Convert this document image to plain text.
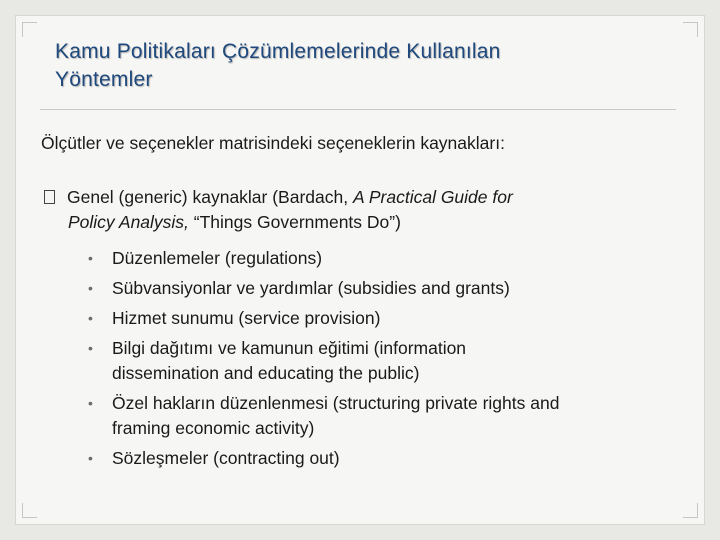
Kamu Politikaları Çözümlemelerinde Kullanılan
Yöntemler
Ölçütler ve seçenekler matrisindeki seçeneklerin kaynakları:
Genel (generic) kaynaklar (Bardach, A Practical Guide for
Policy Analysis, “Things Governments Do”)
• Düzenlemeler (regulations)
• Sübvansiyonlar ve yardımlar (subsidies and grants)
• Hizmet sunumu (service provision)
• Bilgi dağıtımı ve kamunun eğitimi (information
dissemination and educating the public)
• Özel hakların düzenlenmesi (structuring private rights and
framing economic activity)
• Sözleşmeler (contracting out)
